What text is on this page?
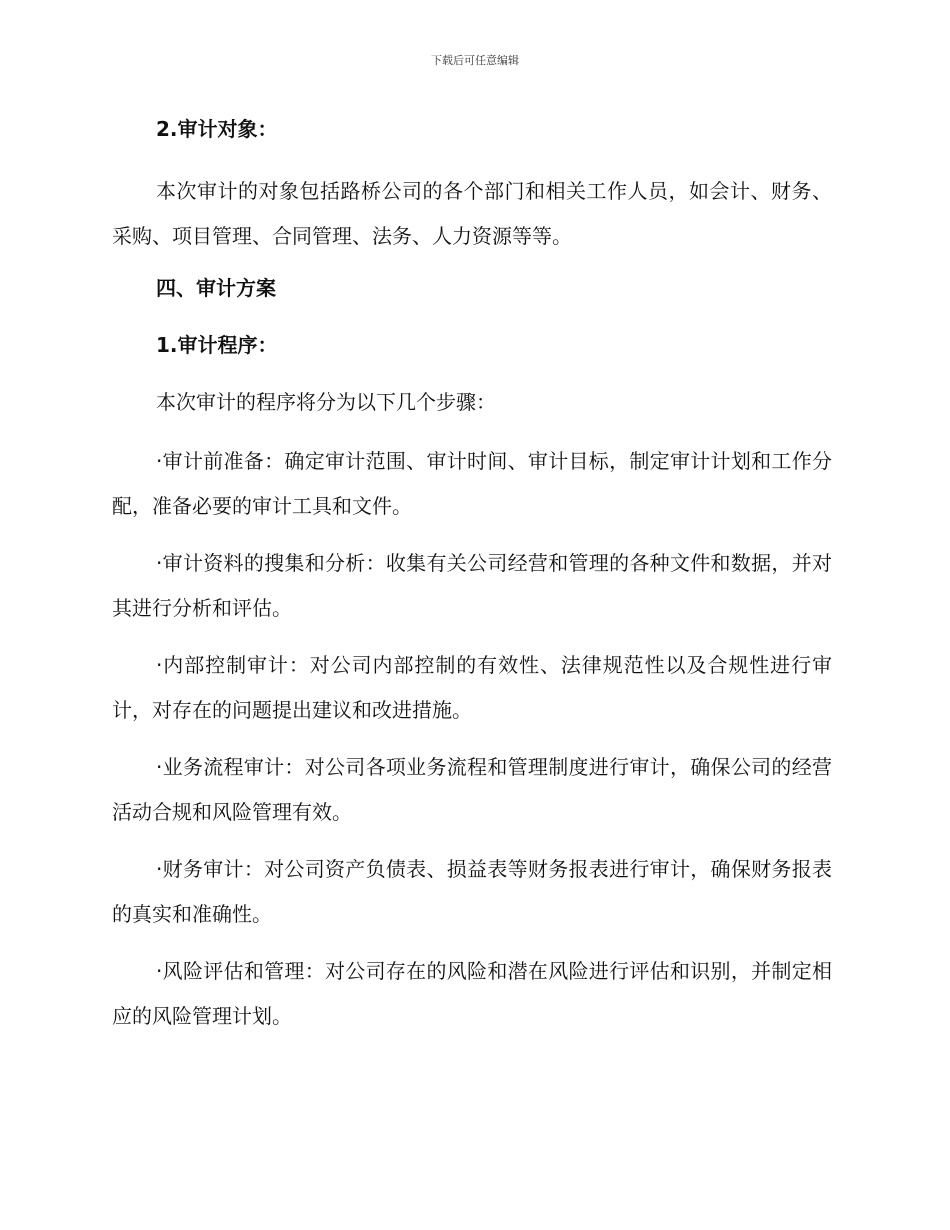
下载后可任意编辑

2.审计对象：

本次审计的对象包括路桥公司的各个部门和相关工作人员，如会计、财务、采购、项目管理、合同管理、法务、人力资源等等。

四、审计方案

1.审计程序：

本次审计的程序将分为以下几个步骤：

·审计前准备：确定审计范围、审计时间、审计目标，制定审计计划和工作分配，准备必要的审计工具和文件。

·审计资料的搜集和分析：收集有关公司经营和管理的各种文件和数据，并对其进行分析和评估。

·内部控制审计：对公司内部控制的有效性、法律规范性以及合规性进行审计，对存在的问题提出建议和改进措施。

·业务流程审计：对公司各项业务流程和管理制度进行审计，确保公司的经营活动合规和风险管理有效。

·财务审计：对公司资产负债表、损益表等财务报表进行审计，确保财务报表的真实和准确性。

·风险评估和管理：对公司存在的风险和潜在风险进行评估和识别，并制定相应的风险管理计划。
